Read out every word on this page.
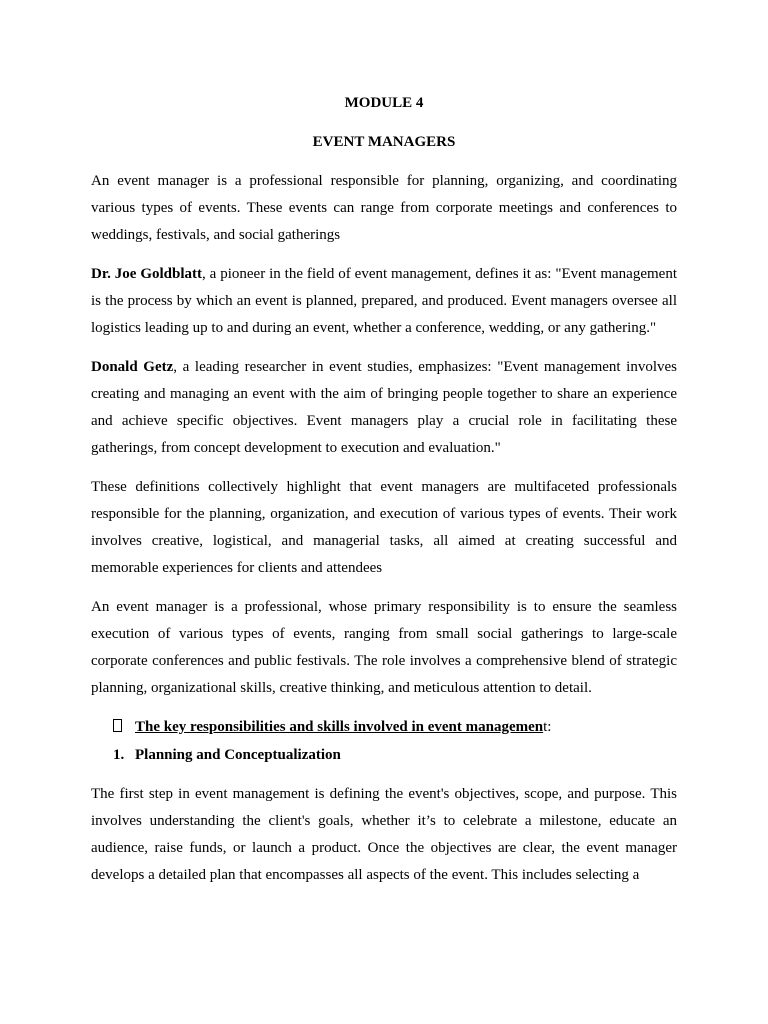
MODULE 4
EVENT MANAGERS

An event manager is a professional responsible for planning, organizing, and coordinating various types of events. These events can range from corporate meetings and conferences to weddings, festivals, and social gatherings

Dr. Joe Goldblatt, a pioneer in the field of event management, defines it as: "Event management is the process by which an event is planned, prepared, and produced. Event managers oversee all logistics leading up to and during an event, whether a conference, wedding, or any gathering."

Donald Getz, a leading researcher in event studies, emphasizes: "Event management involves creating and managing an event with the aim of bringing people together to share an experience and achieve specific objectives. Event managers play a crucial role in facilitating these gatherings, from concept development to execution and evaluation."

These definitions collectively highlight that event managers are multifaceted professionals responsible for the planning, organization, and execution of various types of events. Their work involves creative, logistical, and managerial tasks, all aimed at creating successful and memorable experiences for clients and attendees

An event manager is a professional, whose primary responsibility is to ensure the seamless execution of various types of events, ranging from small social gatherings to large-scale corporate conferences and public festivals. The role involves a comprehensive blend of strategic planning, organizational skills, creative thinking, and meticulous attention to detail.

The key responsibilities and skills involved in event management:
1. Planning and Conceptualization

The first step in event management is defining the event's objectives, scope, and purpose. This involves understanding the client's goals, whether it’s to celebrate a milestone, educate an audience, raise funds, or launch a product. Once the objectives are clear, the event manager develops a detailed plan that encompasses all aspects of the event. This includes selecting a
